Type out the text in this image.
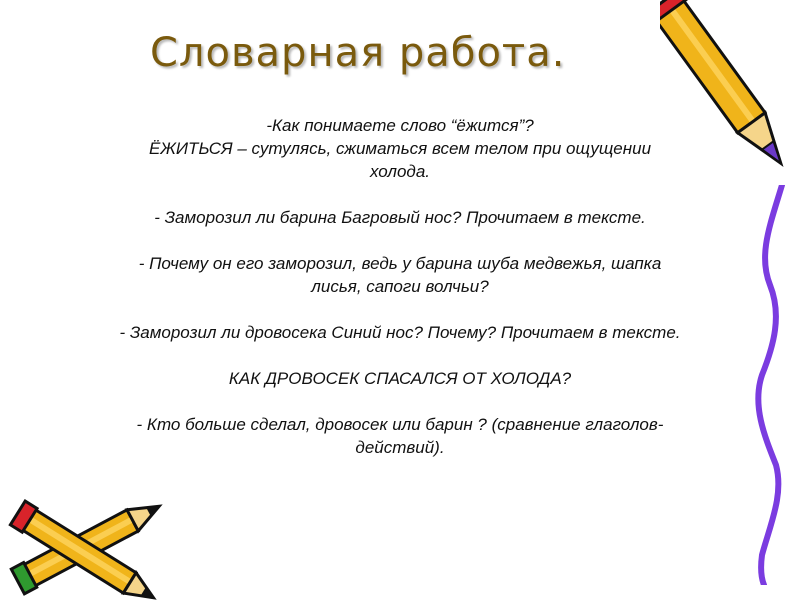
Словарная работа.

-Как понимаете слово “ёжится”?

ЁЖИТЬСЯ – сутулясь, сжиматься всем телом при ощущении

холода.

- Заморозил ли барина Багровый нос? Прочитаем в тексте.

- Почему он его заморозил, ведь у барина шуба медвежья, шапка

лисья, сапоги волчьи?

- Заморозил ли дровосека Синий нос? Почему? Прочитаем в тексте.

КАК ДРОВОСЕК СПАСАЛСЯ ОТ ХОЛОДА?

- Кто больше сделал, дровосек или барин ? (сравнение глаголов-

действий).
